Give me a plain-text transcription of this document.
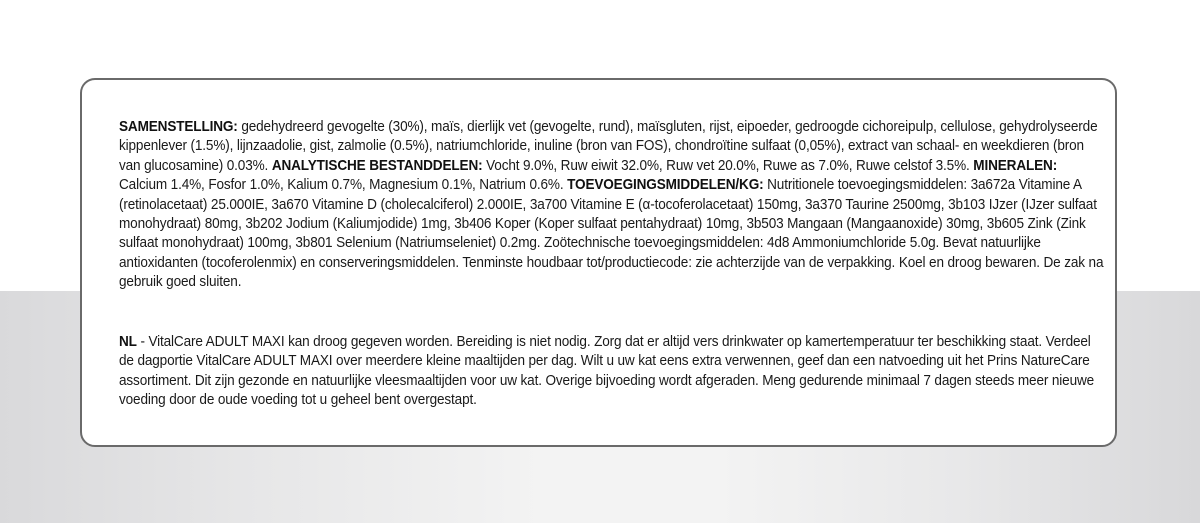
SAMENSTELLING: gedehydreerd gevogelte (30%), maïs, dierlijk vet (gevogelte, rund), maïsgluten, rijst, eipoeder, gedroogde cichoreipulp, cellulose, gehydrolyseerde kippenlever (1.5%), lijnzaadolie, gist, zalmolie (0.5%), natriumchloride, inuline (bron van FOS), chondroïtine sulfaat (0,05%), extract van schaal- en weekdieren (bron van glucosamine) 0.03%. ANALYTISCHE BESTANDDELEN: Vocht 9.0%, Ruw eiwit 32.0%, Ruw vet 20.0%, Ruwe as 7.0%, Ruwe celstof 3.5%. MINERALEN: Calcium 1.4%, Fosfor 1.0%, Kalium 0.7%, Magnesium 0.1%, Natrium 0.6%. TOEVOEGINGSMIDDELEN/KG: Nutritionele toevoegingsmiddelen: 3a672a Vitamine A (retinolacetaat) 25.000IE, 3a670 Vitamine D (cholecalciferol) 2.000IE, 3a700 Vitamine E (α-tocoferolacetaat) 150mg, 3a370 Taurine 2500mg, 3b103 IJzer (IJzer sulfaat monohydraat) 80mg, 3b202 Jodium (Kaliumjodide) 1mg, 3b406 Koper (Koper sulfaat pentahydraat) 10mg, 3b503 Mangaan (Mangaanoxide) 30mg, 3b605 Zink (Zink sulfaat monohydraat) 100mg, 3b801 Selenium (Natriumseleniet) 0.2mg. Zoötechnische toevoegingsmiddelen: 4d8 Ammoniumchloride 5.0g. Bevat natuurlijke antioxidanten (tocoferolenmix) en conserveringsmiddelen. Tenminste houdbaar tot/productiecode: zie achterzijde van de verpakking. Koel en droog bewaren. De zak na gebruik goed sluiten.
NL - VitalCare ADULT MAXI kan droog gegeven worden. Bereiding is niet nodig. Zorg dat er altijd vers drinkwater op kamertemperatuur ter beschikking staat. Verdeel de dagportie VitalCare ADULT MAXI over meerdere kleine maaltijden per dag. Wilt u uw kat eens extra verwennen, geef dan een natvoeding uit het Prins NatureCare assortiment. Dit zijn gezonde en natuurlijke vleesmaaltijden voor uw kat. Overige bijvoeding wordt afgeraden. Meng gedurende minimaal 7 dagen steeds meer nieuwe voeding door de oude voeding tot u geheel bent overgestapt.
